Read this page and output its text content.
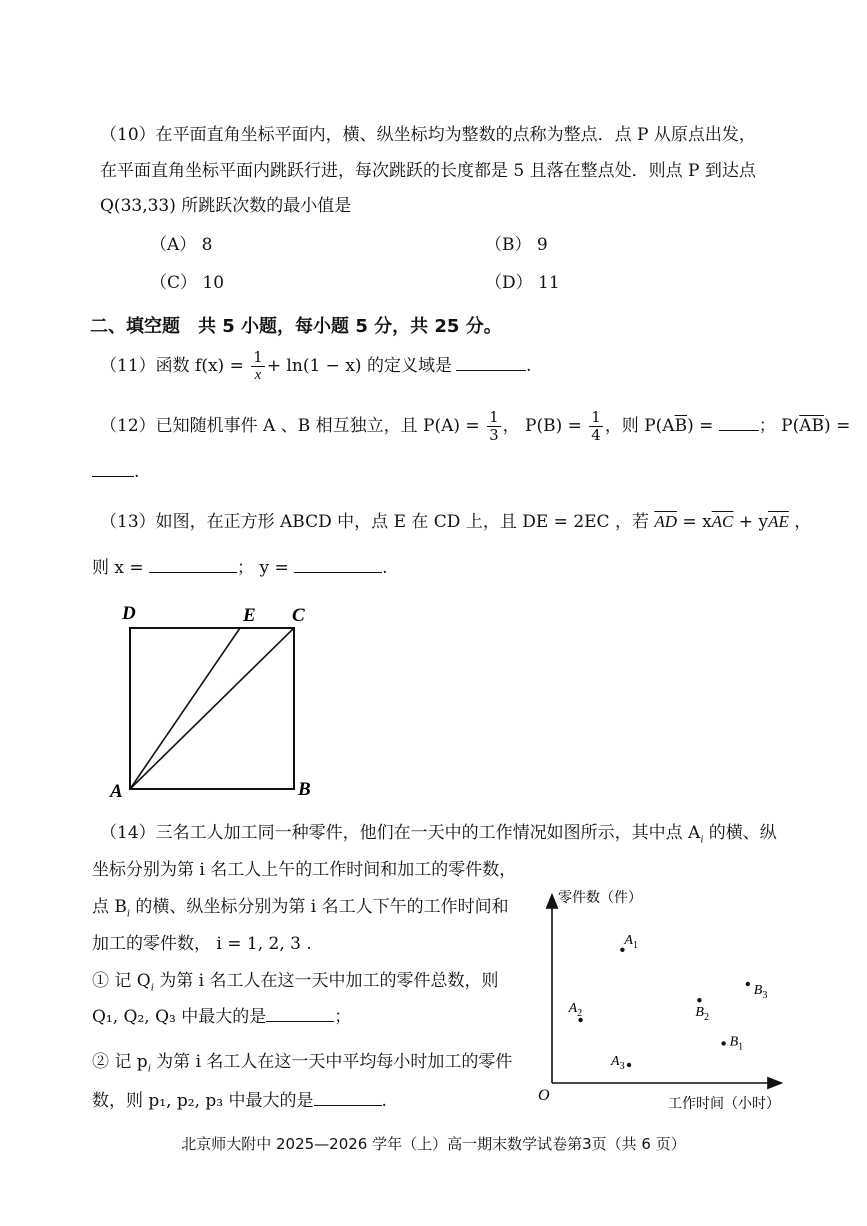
（10）在平面直角坐标平面内，横、纵坐标均为整数的点称为整点．点 P 从原点出发，
在平面直角坐标平面内跳跃行进，每次跳跃的长度都是 5 且落在整点处．则点 P 到达点
Q(33,33) 所跳跃次数的最小值是
（A） 8	（B） 9
（C） 10	（D） 11
二、填空题　共 5 小题，每小题 5 分，共 25 分。
（11）函数 $f(x) = \frac{1}{x} + \ln(1 - x)$ 的定义域是	.
（12）已知随机事件 A 、B 相互独立，且 $P(A) = \frac{1}{3}$ ， $P(B) = \frac{1}{4}$ ，则 $P(A\overline{B})$ = ； $P(\overline{AB})$ =
.
（13）如图，在正方形 ABCD 中，点 E 在 CD 上，且 DE = 2EC ，若 $\overline{AD} = x\overline{AC} + y\overline{AE}$ ，
则 x =	； y =	.
D	E C
A	B
（14）三名工人加工同一种零件，他们在一天中的工作情况如图所示，其中点 $A_i$ 的横、纵
坐标分别为第 i 名工人上午的工作时间和加工的零件数，
点 $B_i$ 的横、纵坐标分别为第 i 名工人下午的工作时间和
加工的零件数， i = 1, 2, 3 .
① 记 $Q_i$ 为第 i 名工人在这一天中加工的零件总数，则
Q₁, Q₂, Q₃ 中最大的是	；
② 记 $p_i$ 为第 i 名工人在这一天中平均每小时加工的零件
数，则 p₁, p₂, p₃ 中最大的是	.
零件数（件）
工作时间（小时）
O
$A_1$
$A_2$
$A_3$
$B_1$
$B_2$
$B_3$
北京师大附中 2025—2026 学年（上）高一期末数学试卷第3页（共 6 页）
